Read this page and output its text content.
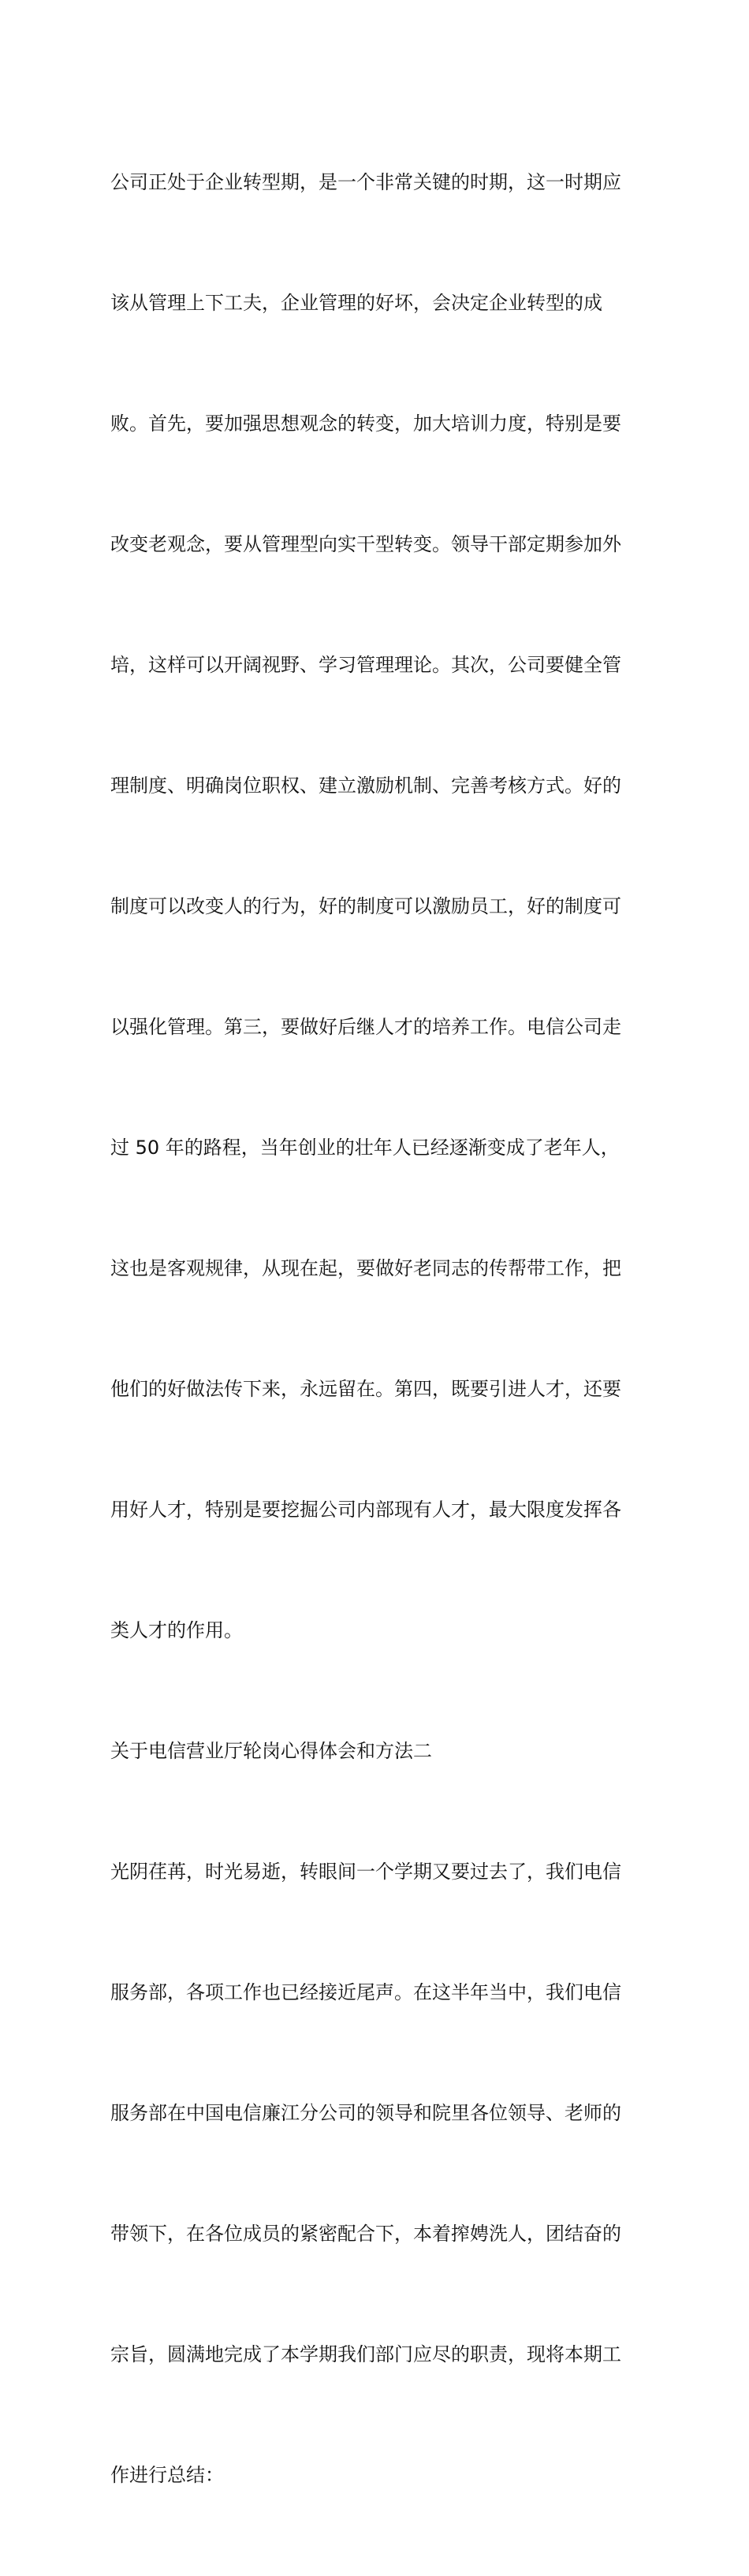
公司正处于企业转型期，是一个非常关键的时期，这一时期应

该从管理上下工夫，企业管理的好坏，会决定企业转型的成

败。首先，要加强思想观念的转变，加大培训力度，特别是要

改变老观念，要从管理型向实干型转变。领导干部定期参加外

培，这样可以开阔视野、学习管理理论。其次，公司要健全管

理制度、明确岗位职权、建立激励机制、完善考核方式。好的

制度可以改变人的行为，好的制度可以激励员工，好的制度可

以强化管理。第三，要做好后继人才的培养工作。电信公司走

过 50 年的路程，当年创业的壮年人已经逐渐变成了老年人，

这也是客观规律，从现在起，要做好老同志的传帮带工作，把

他们的好做法传下来，永远留在。第四，既要引进人才，还要

用好人才，特别是要挖掘公司内部现有人才，最大限度发挥各

类人才的作用。

关于电信营业厅轮岗心得体会和方法二

光阴荏苒，时光易逝，转眼间一个学期又要过去了，我们电信

服务部，各项工作也已经接近尾声。在这半年当中，我们电信

服务部在中国电信廉江分公司的领导和院里各位领导、老师的

带领下，在各位成员的紧密配合下，本着搾娉洗人，团结奋的

宗旨，圆满地完成了本学期我们部门应尽的职责，现将本期工

作进行总结：
